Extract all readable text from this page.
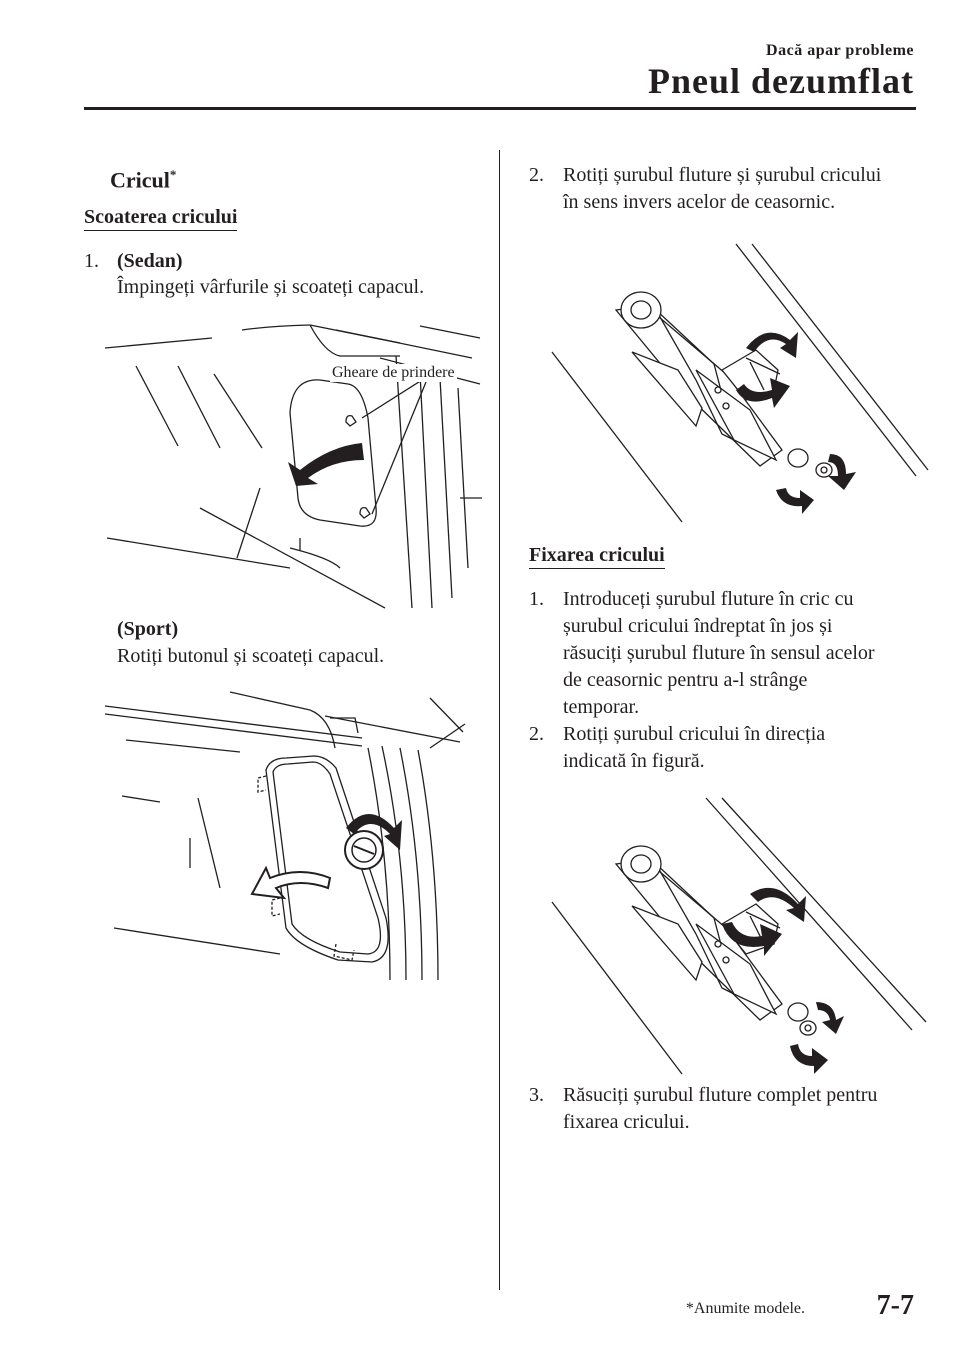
Dacă apar probleme
Pneul dezumflat
Cricul*
Scoaterea cricului
1. (Sedan)
Împingeți vârfurile și scoateți capacul.
Gheare de prindere
(Sport)
Rotiți butonul și scoateți capacul.
2. Rotiți șurubul fluture și șurubul cricului
în sens invers acelor de ceasornic.
Fixarea cricului
1. Introduceți șurubul fluture în cric cu
șurubul cricului îndreptat în jos și
răsuciți șurubul fluture în sensul acelor
de ceasornic pentru a-l strânge
temporar.
2. Rotiți șurubul cricului în direcția
indicată în figură.
3. Răsuciți șurubul fluture complet pentru
fixarea cricului.
*Anumite modele.	7-7
